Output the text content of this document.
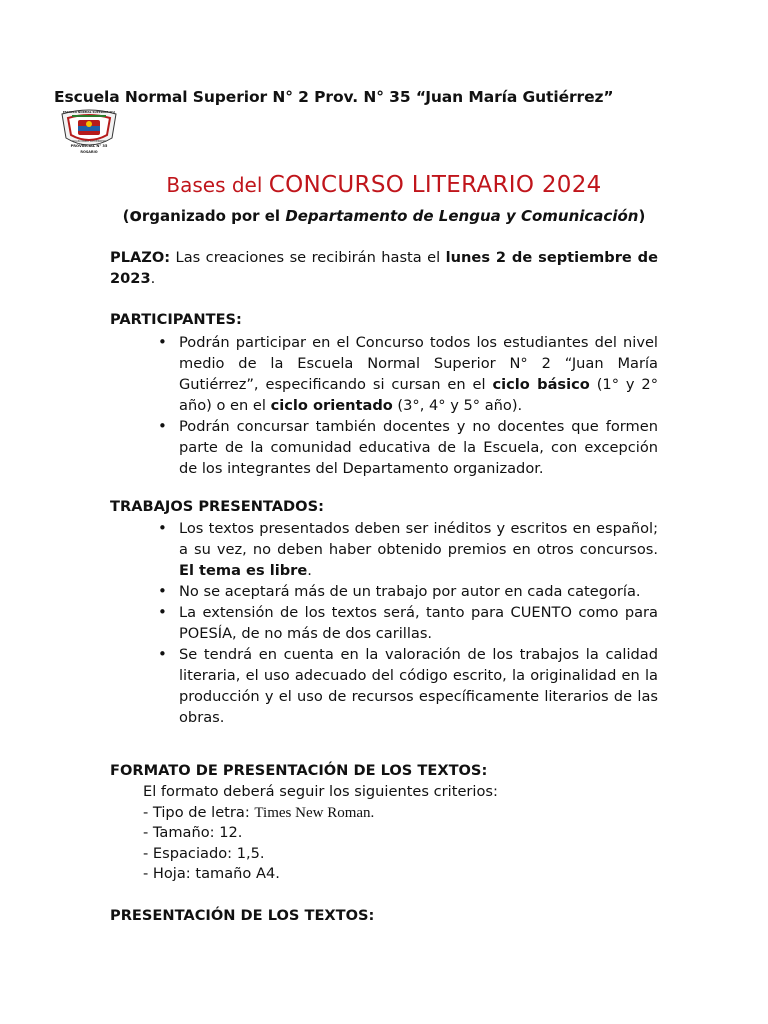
Escuela Normal Superior N° 2 Prov. N° 35 “Juan María Gutiérrez”
PROVINCIAL N° 35
ROSARIO
"JUAN MARÍA GUTIÉRREZ"
ESCUELA NORMAL SUPERIOR N°2
Bases del CONCURSO LITERARIO 2024
(organizado por el Departamento de Lengua y Comunicación)
PLAZO: Las creaciones se recibirán hasta el lunes 2 de septiembre de 2023.
PARTICIPANTES:
• Podrán participar en el Concurso todos los estudiantes del nivel medio de la Escuela Normal Superior N° 2 “Juan María Gutiérrez”, especificando si cursan en el ciclo básico (1° y 2° año) o en el ciclo orientado (3°, 4° y 5° año).
• Podrán concursar también docentes y no docentes que formen parte de la comunidad educativa de la Escuela, con excepción de los integrantes del Departamento organizador.
TRABAJOS PRESENTADOS:
• Los textos presentados deben ser inéditos y escritos en español; a su vez, no deben haber obtenido premios en otros concursos. El tema es libre.
• No se aceptará más de un trabajo por autor en cada categoría.
• La extensión de los textos será, tanto para CUENTO como para POESÍA, de no más de dos carillas.
• Se tendrá en cuenta en la valoración de los trabajos la calidad literaria, el uso adecuado del código escrito, la originalidad en la producción y el uso de recursos específicamente literarios de las obras.
FORMATO DE PRESENTACIÓN DE LOS TEXTOS:
El formato deberá seguir los siguientes criterios:
- Tipo de letra: Times New Roman.
- Tamaño: 12.
- Espaciado: 1,5.
- Hoja: tamaño A4.
PRESENTACIÓN DE LOS TEXTOS:
